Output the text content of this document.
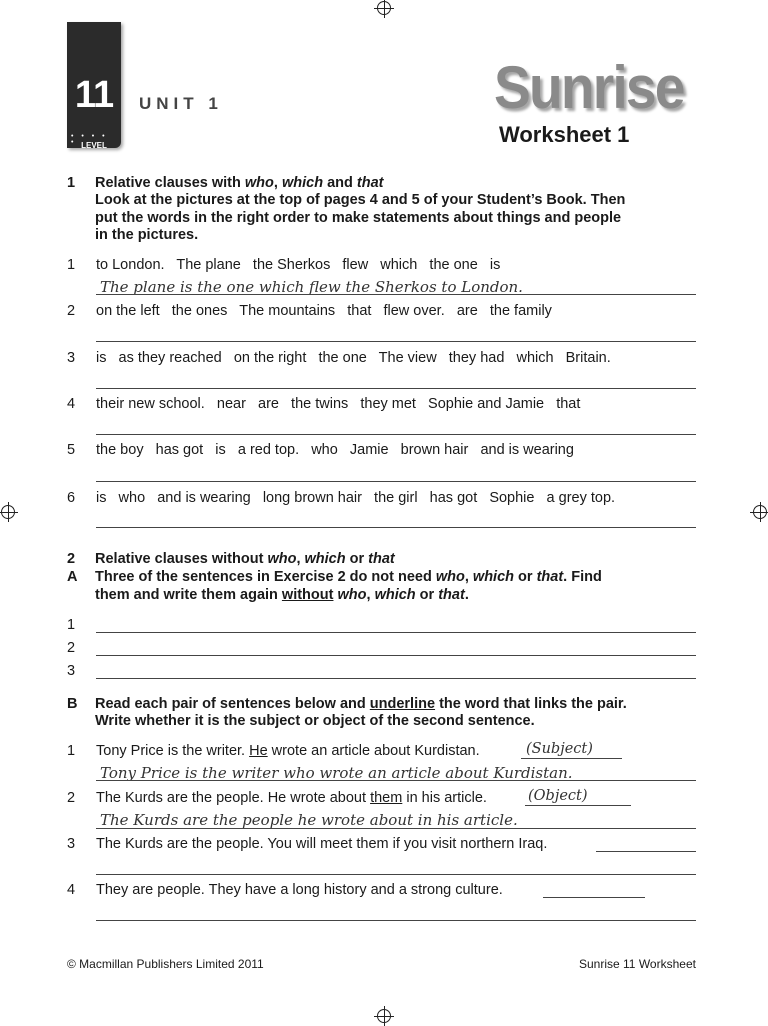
11
• • • • • LEVEL
11
UNIT 1	Sunrise
Worksheet 1
1 Relative clauses with who, which and that
Look at the pictures at the top of pages 4 and 5 of your Student’s Book. Then
put the words in the right order to make statements about things and people
in the pictures.
1 to London.   The plane   the Sherkos   flew   which   the one   is
The plane is the one which flew the Sherkos to London.
2 on the left   the ones   The mountains   that   flew over.   are   the family
3 is   as they reached   on the right   the one   The view   they had   which   Britain.
4 their new school.   near   are   the twins   they met   Sophie and Jamie   that
5 the boy   has got   is   a red top.   who   Jamie   brown hair   and is wearing
6 is   who   and is wearing   long brown hair   the girl   has got   Sophie   a grey top.
2 Relative clauses without who, which or that
A Three of the sentences in Exercise 2 do not need who, which or that. Find
them and write them again without who, which or that.
1
2
3
B Read each pair of sentences below and underline the word that links the pair.
Write whether it is the subject or object of the second sentence.
1 Tony Price is the writer. He wrote an article about Kurdistan.	(Subject)
Tony Price is the writer who wrote an article about Kurdistan.
2 The Kurds are the people. He wrote about them in his article.	(Object)
The Kurds are the people he wrote about in his article.
3 The Kurds are the people. You will meet them if you visit northern Iraq.
4 They are people. They have a long history and a strong culture.
© Macmillan Publishers Limited 2011	Sunrise 11 Worksheet
